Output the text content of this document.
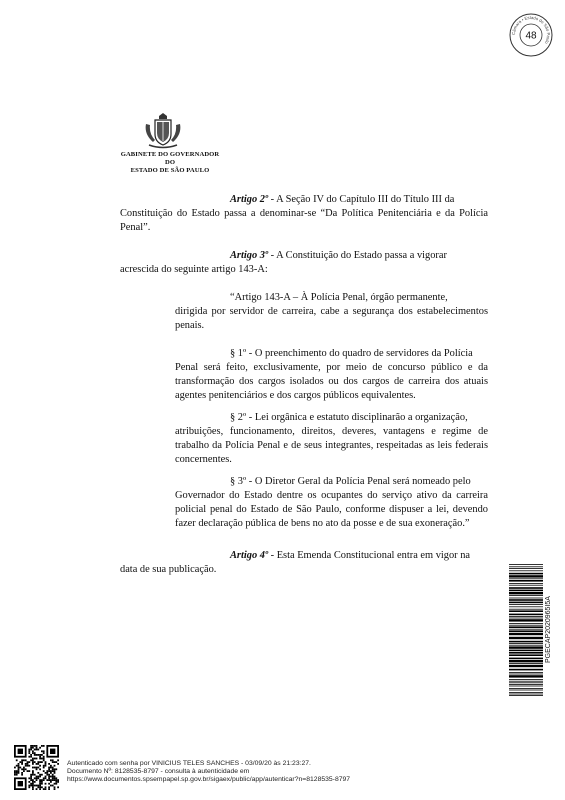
Câmara • Estado de São Paulo
48
GABINETE DO GOVERNADOR
DO
ESTADO DE SÃO PAULO
Artigo 2º - A Seção IV do Capítulo III do Título III da
Constituição do Estado passa a denominar-se “Da Política Penitenciária e da Polícia
Penal”.
Artigo 3º - A Constituição do Estado passa a vigorar
acrescida do seguinte artigo 143-A:
“Artigo 143-A – À Polícia Penal, órgão permanente,
dirigida por servidor de carreira, cabe a segurança dos estabelecimentos
penais.
§ 1º - O preenchimento do quadro de servidores da Polícia
Penal será feito, exclusivamente, por meio de concurso público e da
transformação dos cargos isolados ou dos cargos de carreira dos atuais
agentes penitenciários e dos cargos públicos equivalentes.
§ 2º - Lei orgânica e estatuto disciplinarão a organização,
atribuições, funcionamento, direitos, deveres, vantagens e regime de
trabalho da Polícia Penal e de seus integrantes, respeitadas as leis federais
concernentes.
§ 3º - O Diretor Geral da Polícia Penal será nomeado pelo
Governador do Estado dentre os ocupantes do serviço ativo da carreira
policial penal do Estado de São Paulo, conforme dispuser a lei, devendo
fazer declaração pública de bens no ato da posse e de sua exoneração.”
Artigo 4º - Esta Emenda Constitucional entra em vigor na
data de sua publicação.
PGECAP2020965I5A
Autenticado com senha por VINICIUS TELES SANCHES - 03/09/20 às 21:23:27.
Documento Nº: 8128535-8797 - consulta à autenticidade em
https://www.documentos.spsempapel.sp.gov.br/sigaex/public/app/autenticar?n=8128535-8797
